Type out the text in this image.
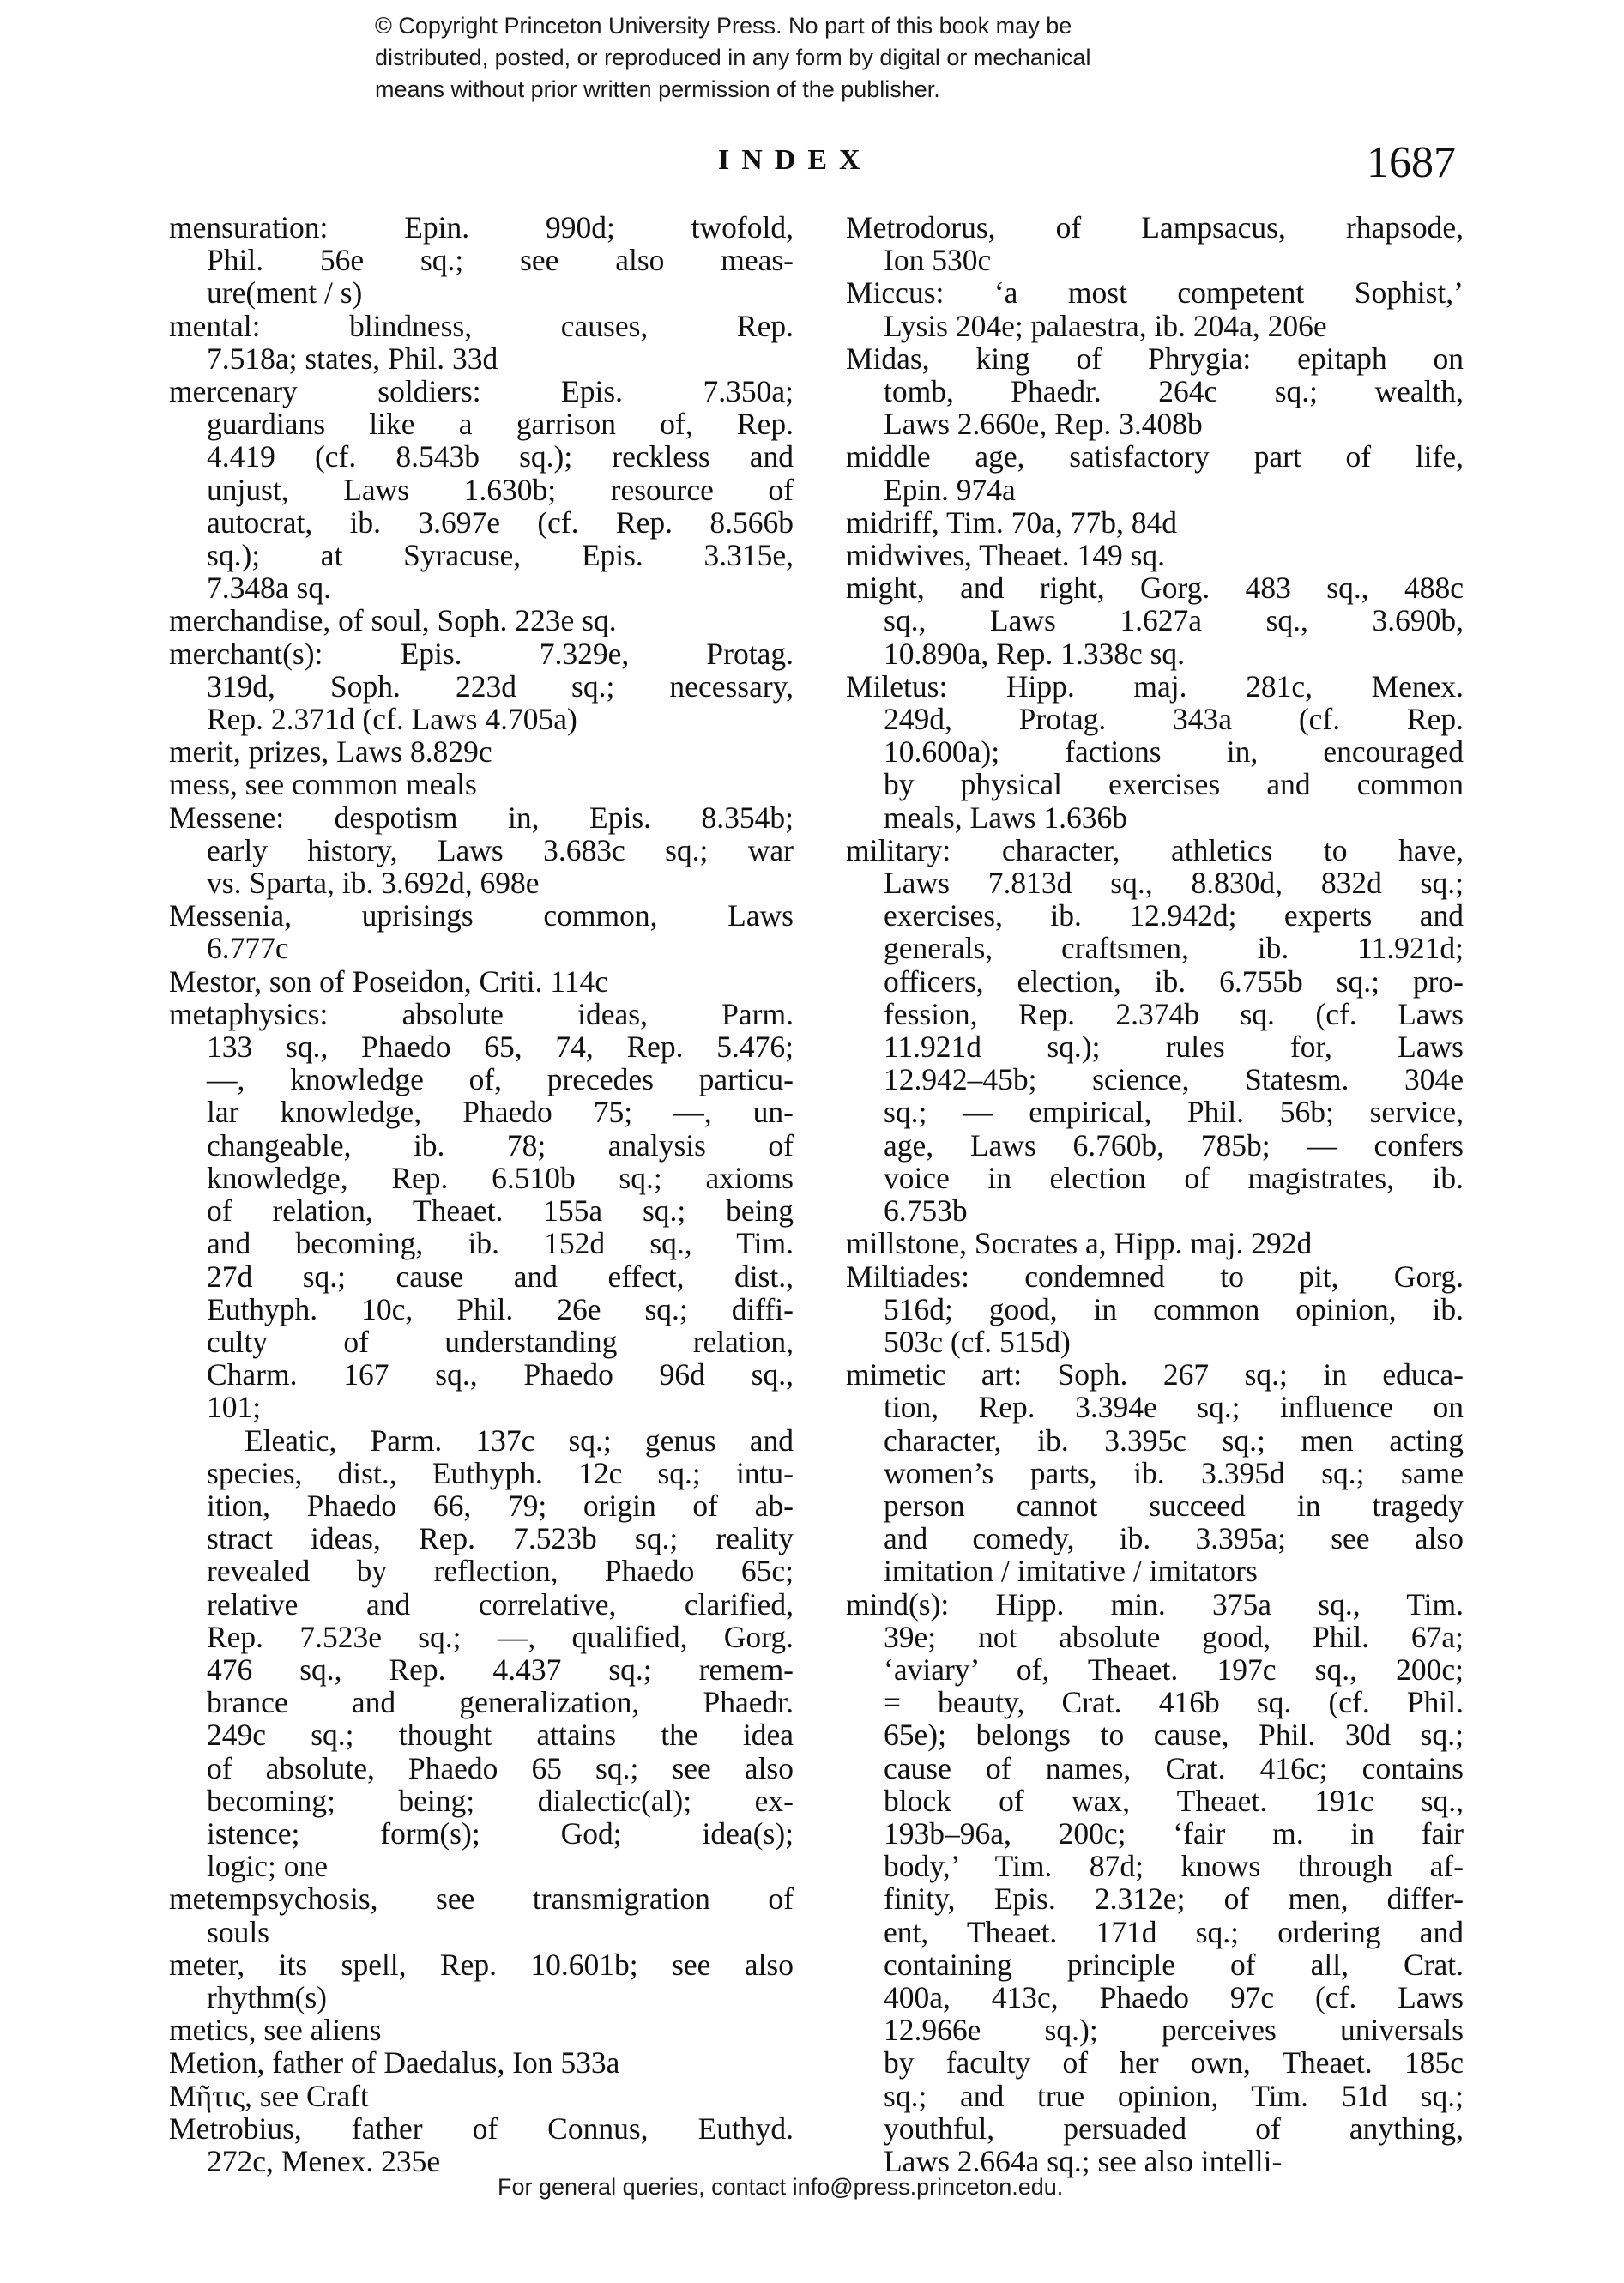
© Copyright Princeton University Press. No part of this book may be
distributed, posted, or reproduced in any form by digital or mechanical
means without prior written permission of the publisher.
INDEX	1687
mensuration: Epin. 990d; twofold,
Phil. 56e sq.; see also meas-
ure(ment / s)
mental: blindness, causes, Rep.
7.518a; states, Phil. 33d
mercenary soldiers: Epis. 7.350a;
guardians like a garrison of, Rep.
4.419 (cf. 8.543b sq.); reckless and
unjust, Laws 1.630b; resource of
autocrat, ib. 3.697e (cf. Rep. 8.566b
sq.); at Syracuse, Epis. 3.315e,
7.348a sq.
merchandise, of soul, Soph. 223e sq.
merchant(s): Epis. 7.329e, Protag.
319d, Soph. 223d sq.; necessary,
Rep. 2.371d (cf. Laws 4.705a)
merit, prizes, Laws 8.829c
mess, see common meals
Messene: despotism in, Epis. 8.354b;
early history, Laws 3.683c sq.; war
vs. Sparta, ib. 3.692d, 698e
Messenia, uprisings common, Laws
6.777c
Mestor, son of Poseidon, Criti. 114c
metaphysics: absolute ideas, Parm.
133 sq., Phaedo 65, 74, Rep. 5.476;
—, knowledge of, precedes particu-
lar knowledge, Phaedo 75; —, un-
changeable, ib. 78; analysis of
knowledge, Rep. 6.510b sq.; axioms
of relation, Theaet. 155a sq.; being
and becoming, ib. 152d sq., Tim.
27d sq.; cause and effect, dist.,
Euthyph. 10c, Phil. 26e sq.; diffi-
culty of understanding relation,
Charm. 167 sq., Phaedo 96d sq.,
101;
Eleatic, Parm. 137c sq.; genus and
species, dist., Euthyph. 12c sq.; intu-
ition, Phaedo 66, 79; origin of ab-
stract ideas, Rep. 7.523b sq.; reality
revealed by reflection, Phaedo 65c;
relative and correlative, clarified,
Rep. 7.523e sq.; —, qualified, Gorg.
476 sq., Rep. 4.437 sq.; remem-
brance and generalization, Phaedr.
249c sq.; thought attains the idea
of absolute, Phaedo 65 sq.; see also
becoming; being; dialectic(al); ex-
istence; form(s); God; idea(s);
logic; one
metempsychosis, see transmigration of
souls
meter, its spell, Rep. 10.601b; see also
rhythm(s)
metics, see aliens
Metion, father of Daedalus, Ion 533a
Μῆτις, see Craft
Metrobius, father of Connus, Euthyd.
272c, Menex. 235e
Metrodorus, of Lampsacus, rhapsode,
Ion 530c
Miccus: ‘a most competent Sophist,’
Lysis 204e; palaestra, ib. 204a, 206e
Midas, king of Phrygia: epitaph on
tomb, Phaedr. 264c sq.; wealth,
Laws 2.660e, Rep. 3.408b
middle age, satisfactory part of life,
Epin. 974a
midriff, Tim. 70a, 77b, 84d
midwives, Theaet. 149 sq.
might, and right, Gorg. 483 sq., 488c
sq., Laws 1.627a sq., 3.690b,
10.890a, Rep. 1.338c sq.
Miletus: Hipp. maj. 281c, Menex.
249d, Protag. 343a (cf. Rep.
10.600a); factions in, encouraged
by physical exercises and common
meals, Laws 1.636b
military: character, athletics to have,
Laws 7.813d sq., 8.830d, 832d sq.;
exercises, ib. 12.942d; experts and
generals, craftsmen, ib. 11.921d;
officers, election, ib. 6.755b sq.; pro-
fession, Rep. 2.374b sq. (cf. Laws
11.921d sq.); rules for, Laws
12.942–45b; science, Statesm. 304e
sq.; — empirical, Phil. 56b; service,
age, Laws 6.760b, 785b; — confers
voice in election of magistrates, ib.
6.753b
millstone, Socrates a, Hipp. maj. 292d
Miltiades: condemned to pit, Gorg.
516d; good, in common opinion, ib.
503c (cf. 515d)
mimetic art: Soph. 267 sq.; in educa-
tion, Rep. 3.394e sq.; influence on
character, ib. 3.395c sq.; men acting
women’s parts, ib. 3.395d sq.; same
person cannot succeed in tragedy
and comedy, ib. 3.395a; see also
imitation / imitative / imitators
mind(s): Hipp. min. 375a sq., Tim.
39e; not absolute good, Phil. 67a;
‘aviary’ of, Theaet. 197c sq., 200c;
= beauty, Crat. 416b sq. (cf. Phil.
65e); belongs to cause, Phil. 30d sq.;
cause of names, Crat. 416c; contains
block of wax, Theaet. 191c sq.,
193b–96a, 200c; ‘fair m. in fair
body,’ Tim. 87d; knows through af-
finity, Epis. 2.312e; of men, differ-
ent, Theaet. 171d sq.; ordering and
containing principle of all, Crat.
400a, 413c, Phaedo 97c (cf. Laws
12.966e sq.); perceives universals
by faculty of her own, Theaet. 185c
sq.; and true opinion, Tim. 51d sq.;
youthful, persuaded of anything,
Laws 2.664a sq.; see also intelli-
For general queries, contact info@press.princeton.edu.
